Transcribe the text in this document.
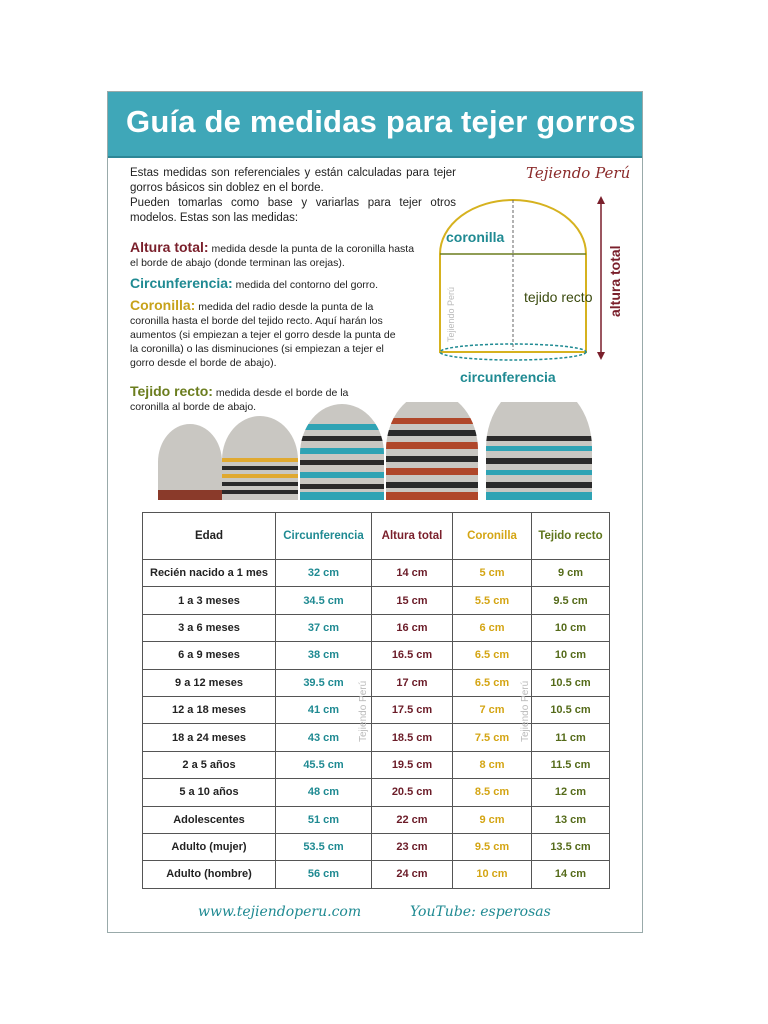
Guía de medidas para tejer gorros
Tejiendo Perú

Estas medidas son referenciales y están calculadas para tejer gorros básicos sin doblez en el borde.

Pueden tomarlas como base y variarlas para tejer otros modelos. Estas son las medidas:

Altura total: medida desde la punta de la coronilla hasta el borde de abajo (donde terminan las orejas).
Circunferencia: medida del contorno del gorro.
Coronilla: medida del radio desde la punta de la coronilla hasta el borde del tejido recto. Aquí harán los aumentos (si empiezan a tejer el gorro desde la punta de la coronilla) o las disminuciones (si empiezan a tejer el gorro desde el borde de abajo).
Tejido recto: medida desde el borde de la coronilla al borde de abajo.
coronilla
tejido recto altura total
circunferencia
Tejiendo Perú
Edad	Circunferencia	Altura total	Coronilla	Tejido recto
Recién nacido a 1 mes	32 cm	14 cm	5 cm	9 cm
1 a 3 meses	34.5 cm	15 cm	5.5 cm	9.5 cm
3 a 6 meses	37 cm	16 cm	6 cm	10 cm
6 a 9 meses	38 cm	16.5 cm	6.5 cm	10 cm
9 a 12 meses	39.5 cm	17 cm	6.5 cm	10.5 cm
12 a 18 meses	41 cm	17.5 cm	7 cm	10.5 cm
18 a 24 meses	43 cm	18.5 cm	7.5 cm	11 cm
2 a 5 años	45.5 cm	19.5 cm	8 cm	11.5 cm
5 a 10 años	48 cm	20.5 cm	8.5 cm	12 cm
Adolescentes	51 cm	22 cm	9 cm	13 cm
Adulto (mujer)	53.5 cm	23 cm	9.5 cm	13.5 cm
Adulto (hombre)	56 cm	24 cm	10 cm	14 cm
Tejiendo Perú	Tejiendo Perú
www.tejiendoperu.com	YouTube: esperosas
